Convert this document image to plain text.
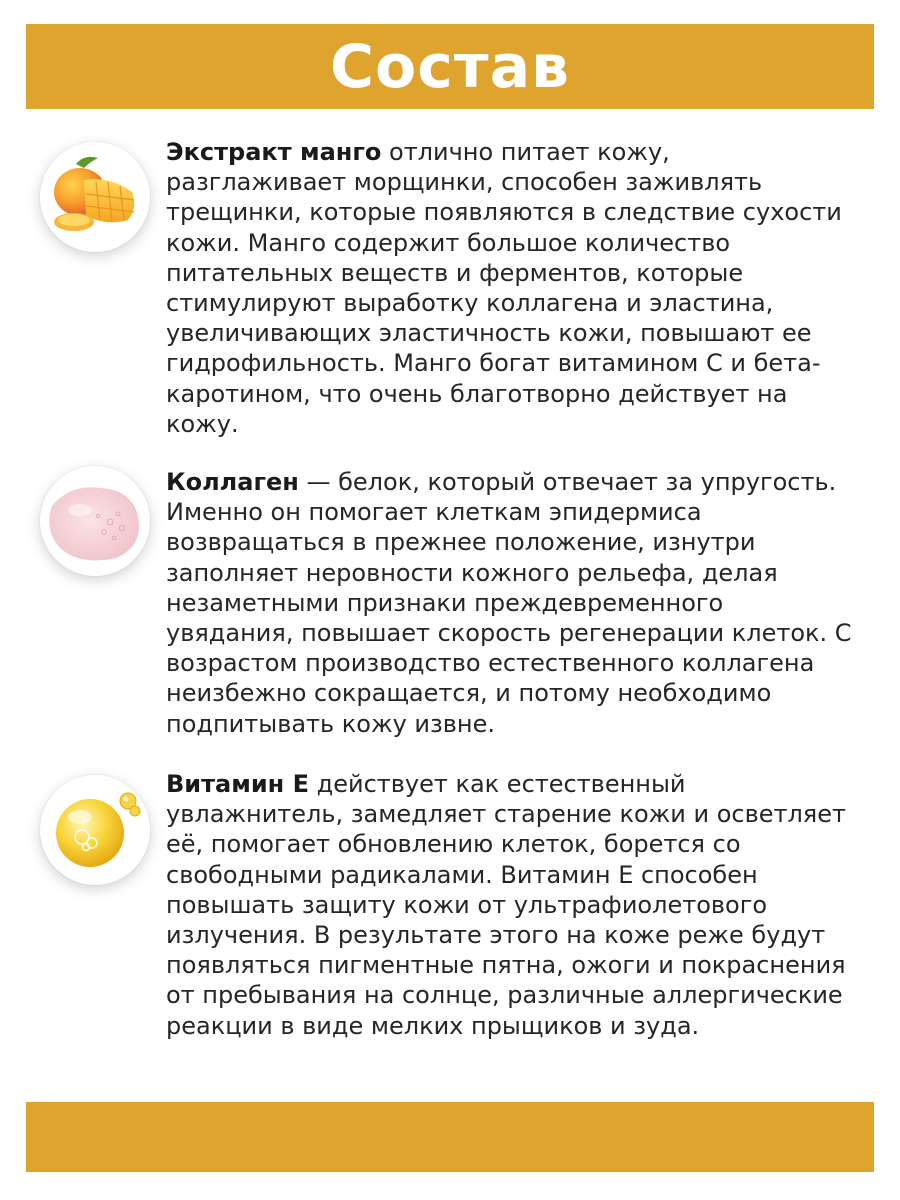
Состав

Экстракт манго отлично питает кожу, разглаживает морщинки, способен заживлять трещинки, которые появляются в следствие сухости кожи. Манго содержит большое количество питательных веществ и ферментов, которые стимулируют выработку коллагена и эластина, увеличивающих эластичность кожи, повышают ее гидрофильность. Манго богат витамином С и бета-каротином, что очень благотворно действует на кожу.

Коллаген — белок, который отвечает за упругость. Именно он помогает клеткам эпидермиса возвращаться в прежнее положение, изнутри заполняет неровности кожного рельефа, делая незаметными признаки преждевременного увядания, повышает скорость регенерации клеток. С возрастом производство естественного коллагена неизбежно сокращается, и потому необходимо подпитывать кожу извне.

Витамин Е действует как естественный увлажнитель, замедляет старение кожи и осветляет её, помогает обновлению клеток, борется со свободными радикалами. Витамин Е способен повышать защиту кожи от ультрафиолетового излучения. В результате этого на коже реже будут появляться пигментные пятна, ожоги и покраснения от пребывания на солнце, различные аллергические реакции в виде мелких прыщиков и зуда.
